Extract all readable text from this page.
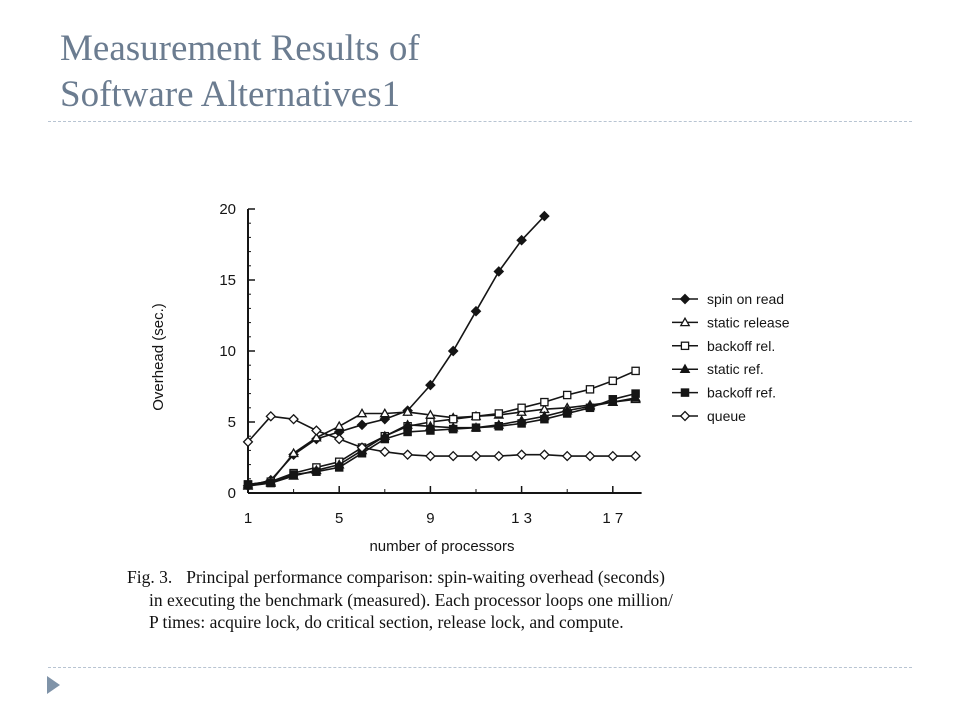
Measurement Results of
Software Alternatives1
0
5
10
15
20
1	5	9	1 3	1 7
number of processors
Overhead (sec.)
spin on read
static release
backoff rel.
static ref.
backoff ref.
queue

Fig. 3. Principal performance comparison: spin-waiting overhead (seconds)
in executing the benchmark (measured). Each processor loops one million/
P times: acquire lock, do critical section, release lock, and compute.
